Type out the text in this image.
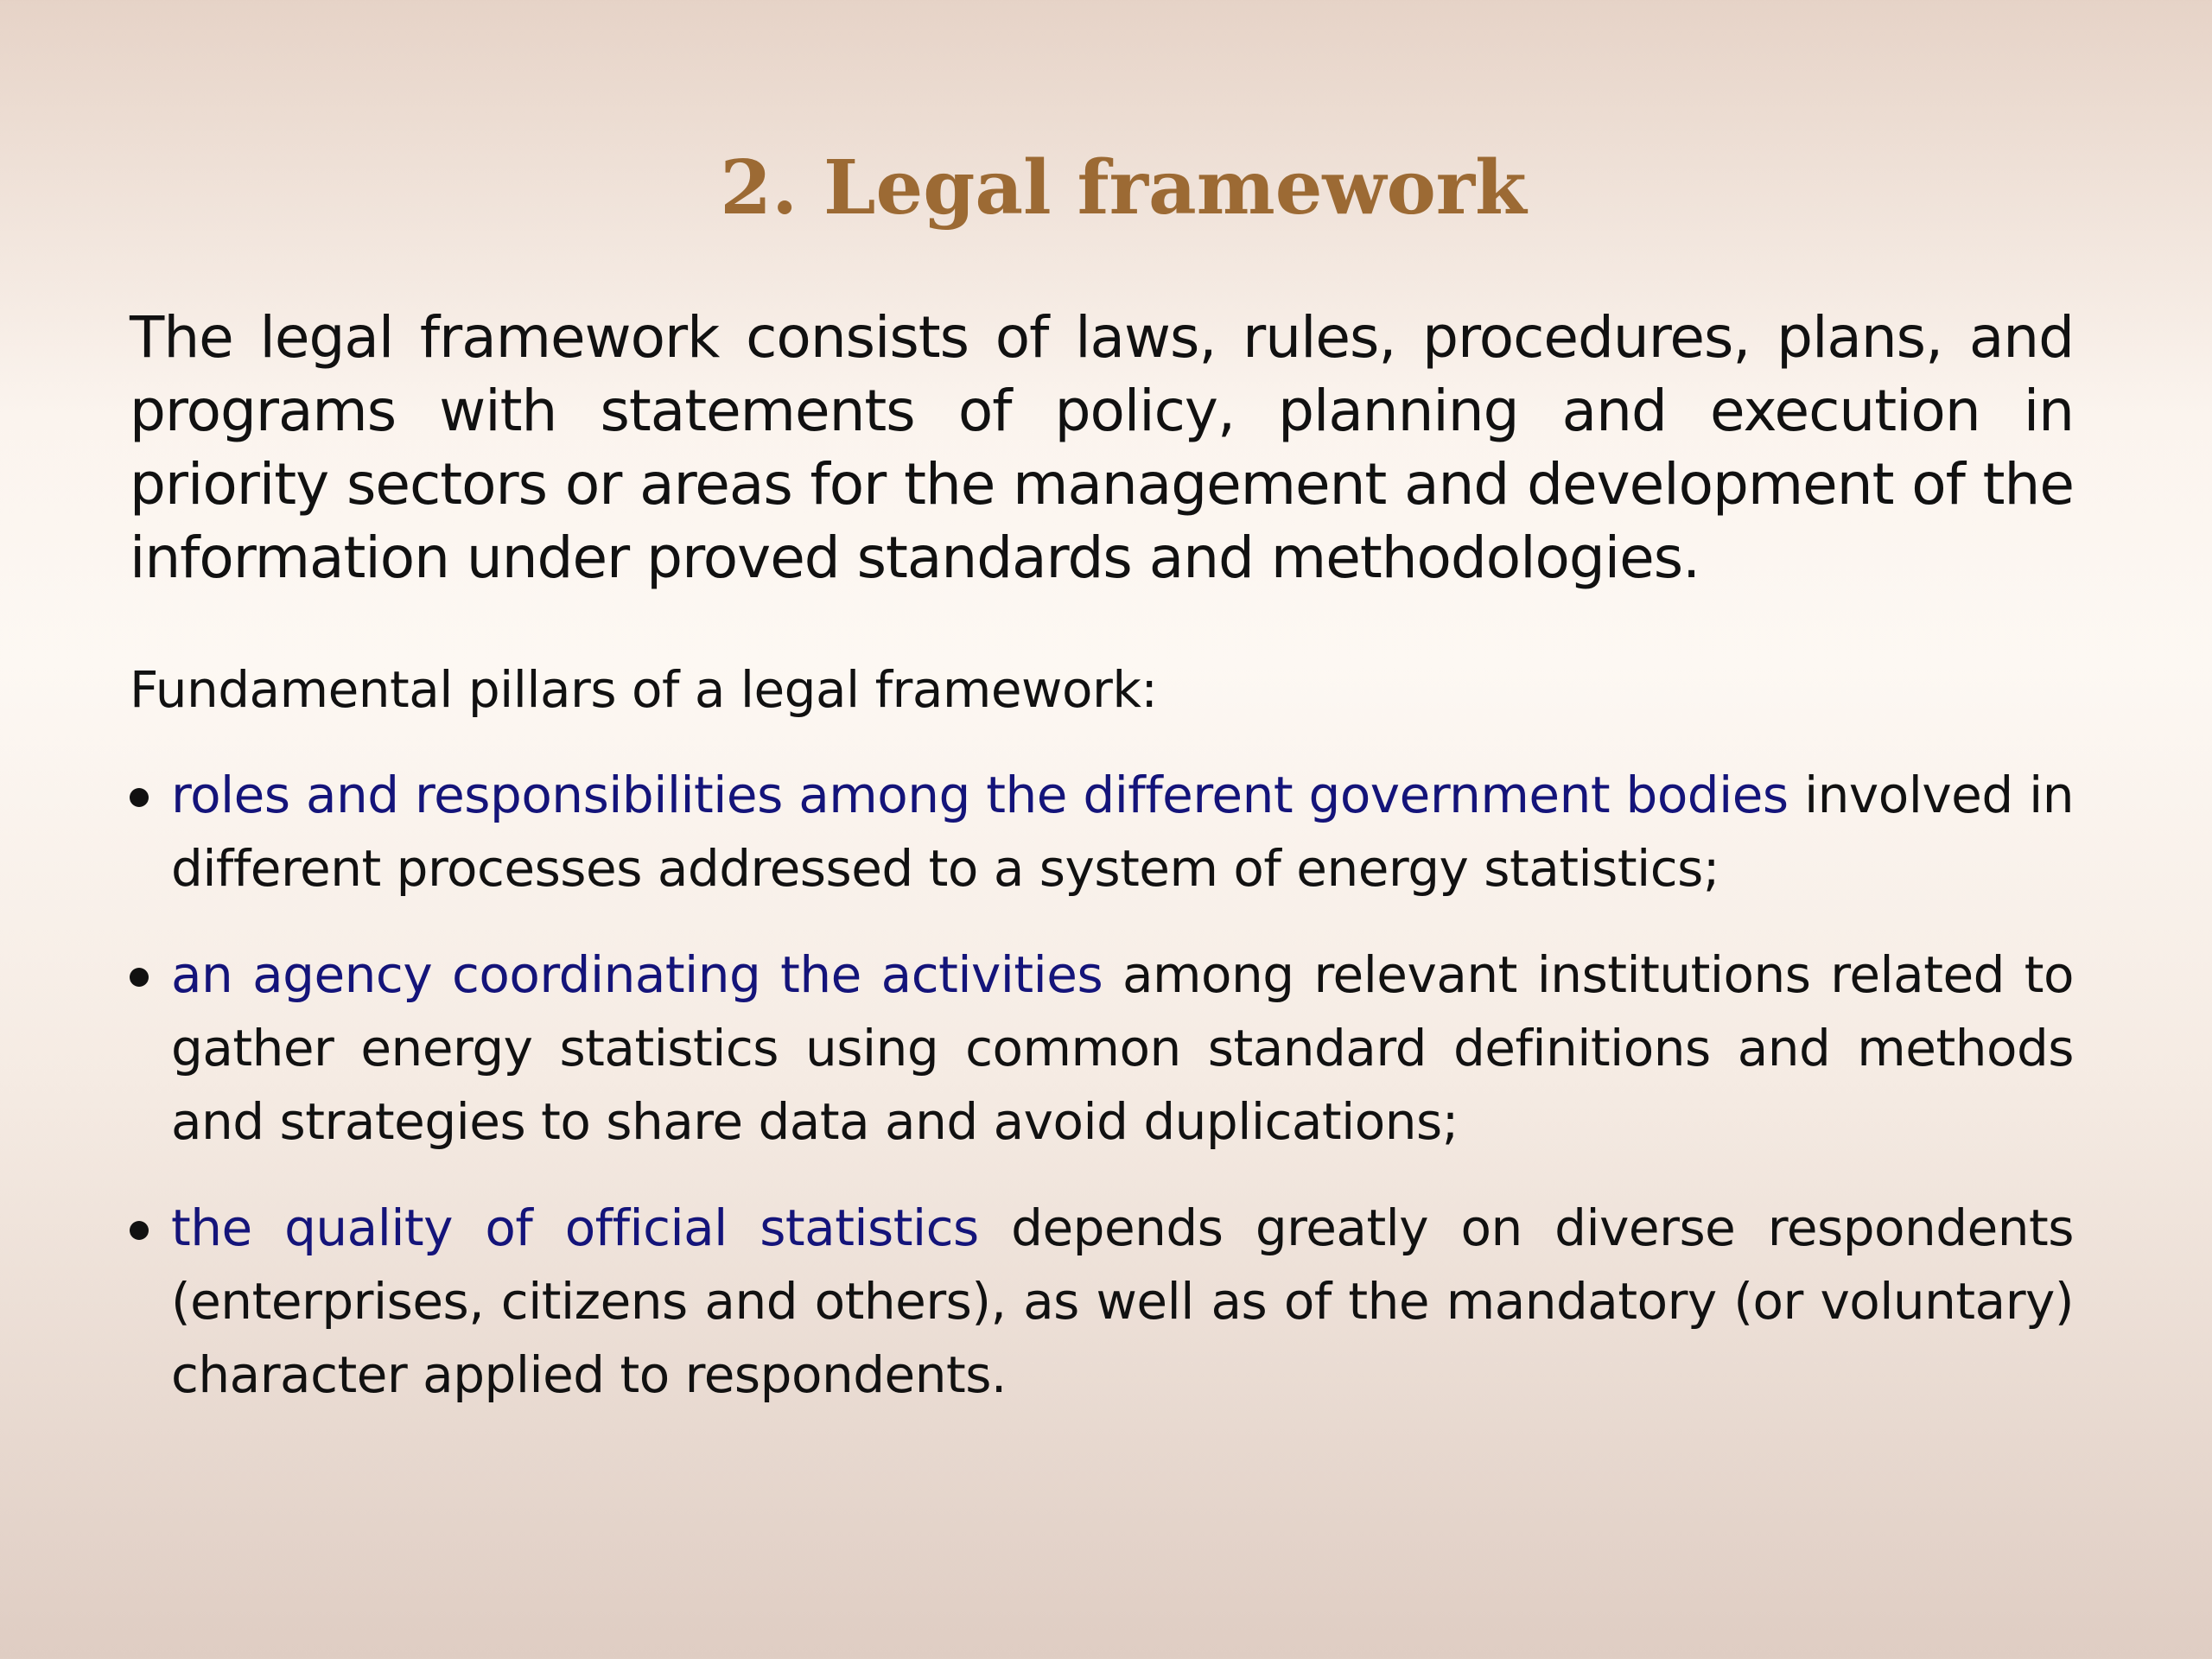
2. Legal framework

The legal framework consists of laws, rules, procedures, plans, and programs with statements of policy, planning and execution in priority sectors or areas for the management and development of the information under proved standards and methodologies.

Fundamental pillars of a legal framework:

roles and responsibilities among the different government bodies involved in different processes addressed to a system of energy statistics;
an agency coordinating the activities among relevant institutions related to gather energy statistics using common standard definitions and methods and strategies to share data and avoid duplications;
the quality of official statistics depends greatly on diverse respondents (enterprises, citizens and others), as well as of the mandatory (or voluntary) character applied to respondents.
